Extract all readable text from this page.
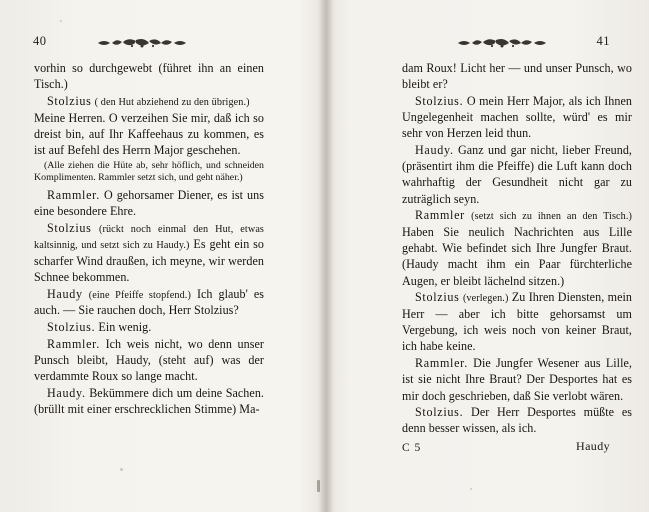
40

vorhin so durchgewebt (führet ihn an einen Tisch.)

Stolzius ( den Hut abziehend zu den übrigen.)

Meine Herren. O verzeihen Sie mir, daß ich so dreist bin, auf Ihr Kaffeehaus zu kommen, es ist auf Befehl des Herrn Major geschehen.

(Alle ziehen die Hüte ab, sehr höflich, und schneiden Komplimenten. Rammler setzt sich, und geht näher.)

Rammler. O gehorsamer Diener, es ist uns eine besondere Ehre.

Stolzius (rückt noch einmal den Hut, etwas kaltsinnig, und setzt sich zu Haudy.) Es geht ein so scharfer Wind draußen, ich meyne, wir werden Schnee bekommen.

Haudy (eine Pfeiffe stopfend.) Ich glaub' es auch. — Sie rauchen doch, Herr Stolzius?

Stolzius. Ein wenig.

Rammler. Ich weis nicht, wo denn unser Punsch bleibt, Haudy, (steht auf) was der verdammte Roux so lange macht.

Haudy. Bekümmere dich um deine Sachen. (brüllt mit einer erschrecklichen Stimme) Ma-

41

dam Roux! Licht her — und unser Punsch, wo bleibt er?

Stolzius. O mein Herr Major, als ich Ihnen Ungelegenheit machen sollte, würd' es mir sehr von Herzen leid thun.

Haudy. Ganz und gar nicht, lieber Freund, (präsentirt ihm die Pfeiffe) die Luft kann doch wahrhaftig der Gesundheit nicht gar zu zuträglich seyn.

Rammler (setzt sich zu ihnen an den Tisch.) Haben Sie neulich Nachrichten aus Lille gehabt. Wie befindet sich Ihre Jungfer Braut. (Haudy macht ihm ein Paar fürchterliche Augen, er bleibt lächelnd sitzen.)

Stolzius (verlegen.) Zu Ihren Diensten, mein Herr — aber ich bitte gehorsamst um Vergebung, ich weis noch von keiner Braut, ich habe keine.

Rammler. Die Jungfer Wesener aus Lille, ist sie nicht Ihre Braut? Der Desportes hat es mir doch geschrieben, daß Sie verlobt wären.

Stolzius. Der Herr Desportes müßte es denn besser wissen, als ich.

C 5	Haudy
